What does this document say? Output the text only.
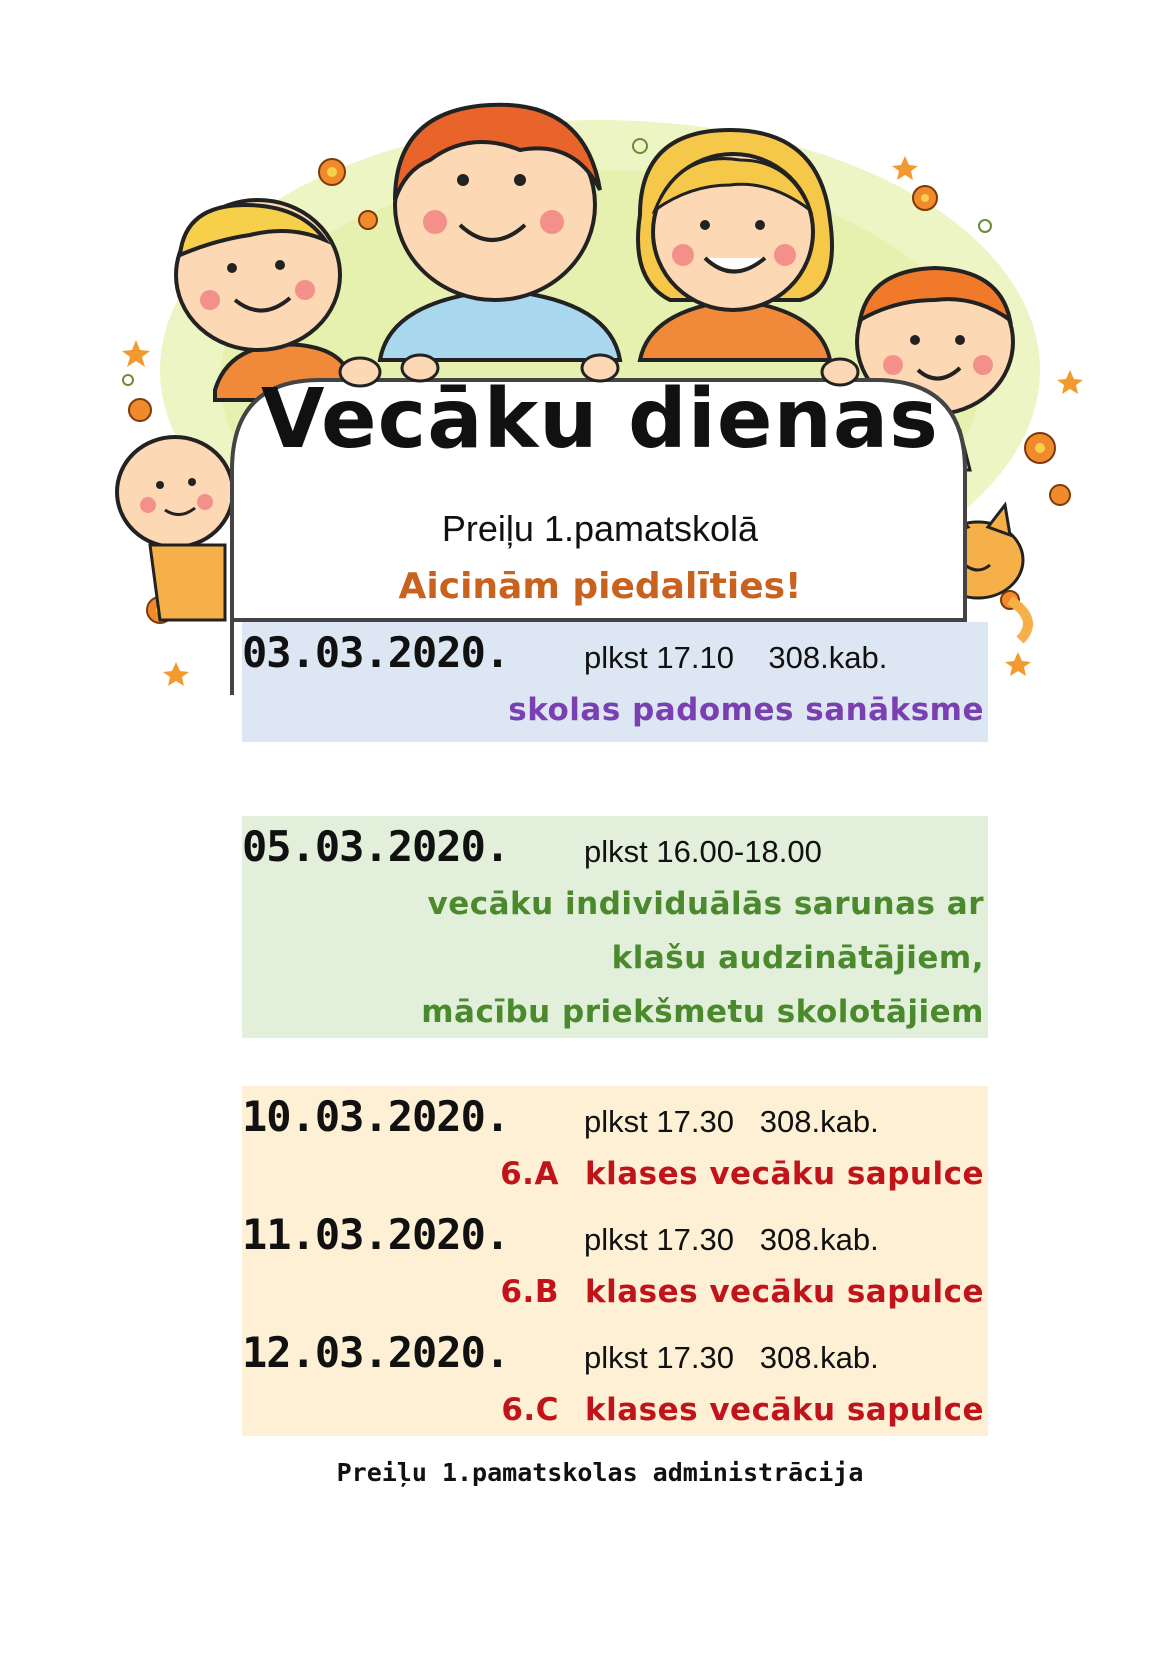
Vecāku dienas
Preiļu 1.pamatskolā
Aicinām piedalīties!
03.03.2020. plkst 17.10    308.kab.
skolas padomes sanāksme
05.03.2020. plkst 16.00-18.00
vecāku individuālās sarunas ar
klašu audzinātājiem,
mācību priekšmetu skolotājiem
10.03.2020. plkst 17.30   308.kab.
6.A klases vecāku sapulce
11.03.2020. plkst 17.30   308.kab.
6.B klases vecāku sapulce
12.03.2020. plkst 17.30   308.kab.
6.C klases vecāku sapulce
Preiļu 1.pamatskolas administrācija
